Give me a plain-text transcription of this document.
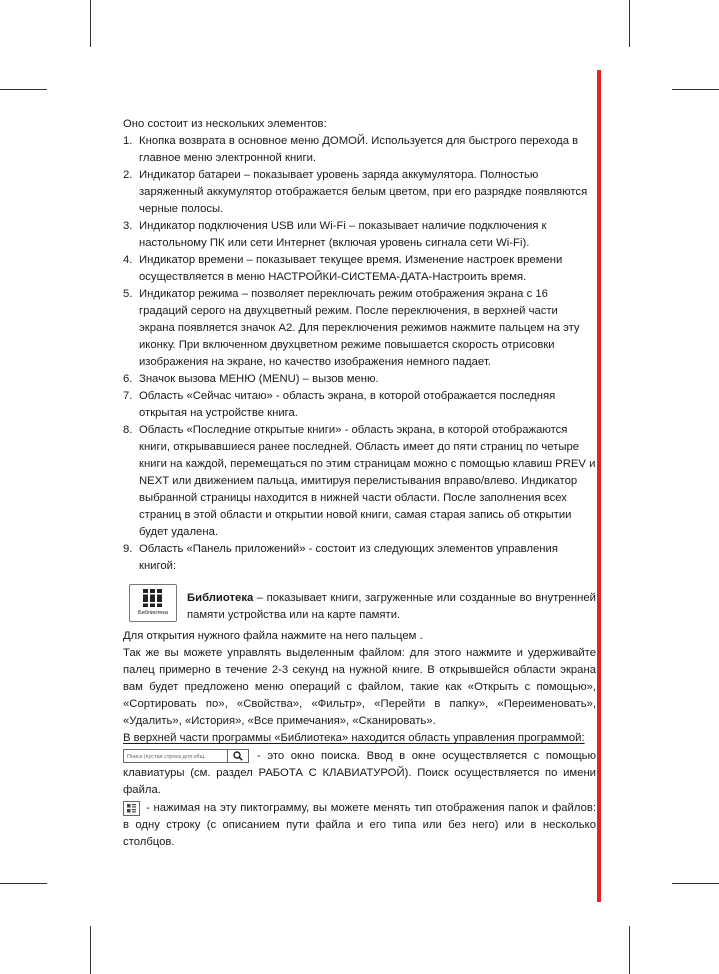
Оно состоит из нескольких элементов:

1. Кнопка возврата в основное меню ДОМОЙ. Используется для быстрого перехода в главное меню электронной книги.
2. Индикатор батареи – показывает уровень заряда аккумулятора. Полностью заряженный аккумулятор отображается белым цветом, при его разрядке появляются черные полосы.
3. Индикатор подключения USB или Wi-Fi – показывает наличие подключения к настольному ПК или сети Интернет (включая уровень сигнала сети Wi-Fi).
4. Индикатор времени – показывает текущее время. Изменение настроек времени осуществляется в меню НАСТРОЙКИ-СИСТЕМА-ДАТА-Настроить время.
5. Индикатор режима – позволяет переключать режим отображения экрана с 16 градаций серого на двухцветный режим. После переключения, в верхней части экрана появляется значок А2. Для переключения режимов нажмите пальцем на эту иконку. При включенном двухцветном режиме повышается скорость отрисовки изображения на экране, но качество изображения немного падает.
6. Значок вызова МЕНЮ (MENU) – вызов меню.
7. Область «Сейчас читаю» - область экрана, в которой отображается последняя открытая на устройстве книга.
8. Область «Последние открытые книги» - область экрана, в которой отображаются книги, открывавшиеся ранее последней. Область имеет до пяти страниц по четыре книги на каждой, перемещаться по этим страницам можно с помощью клавиш PREV и NEXT или движением пальца, имитируя перелистывания вправо/влево. Индикатор выбранной страницы находится в нижней части области. После заполнения всех страниц в этой области и открытии новой книги, самая старая запись об открытии будет удалена.
9. Область «Панель приложений» - состоит из следующих элементов управления книгой:
Библиотека
Библиотека – показывает книги, загруженные или созданные во внутренней памяти устройства или на карте памяти.

Для открытия нужного файла нажмите на него пальцем .

Так же вы можете управлять выделенным файлом: для этого нажмите и удерживайте палец примерно в течение 2-3 секунд на нужной книге. В открывшейся области экрана вам будет предложено меню операций с файлом, такие как «Открыть с помощью», «Сортировать по», «Свойства», «Фильтр», «Перейти в папку», «Переименовать», «Удалить», «История», «Все примечания», «Сканировать».

В верхней части программы «Библиотека» находится область управления программой:

Поиск (пустая строка для общ.	- это окно поиска. Ввод в окне осуществляется с помощью клавиатуры (см. раздел РАБОТА С КЛАВИАТУРОЙ). Поиск осуществляется по имени файла.

- нажимая на эту пиктограмму, вы можете менять тип отображения папок и файлов: в одну строку (с описанием пути файла и его типа или без него) или в несколько столбцов.
